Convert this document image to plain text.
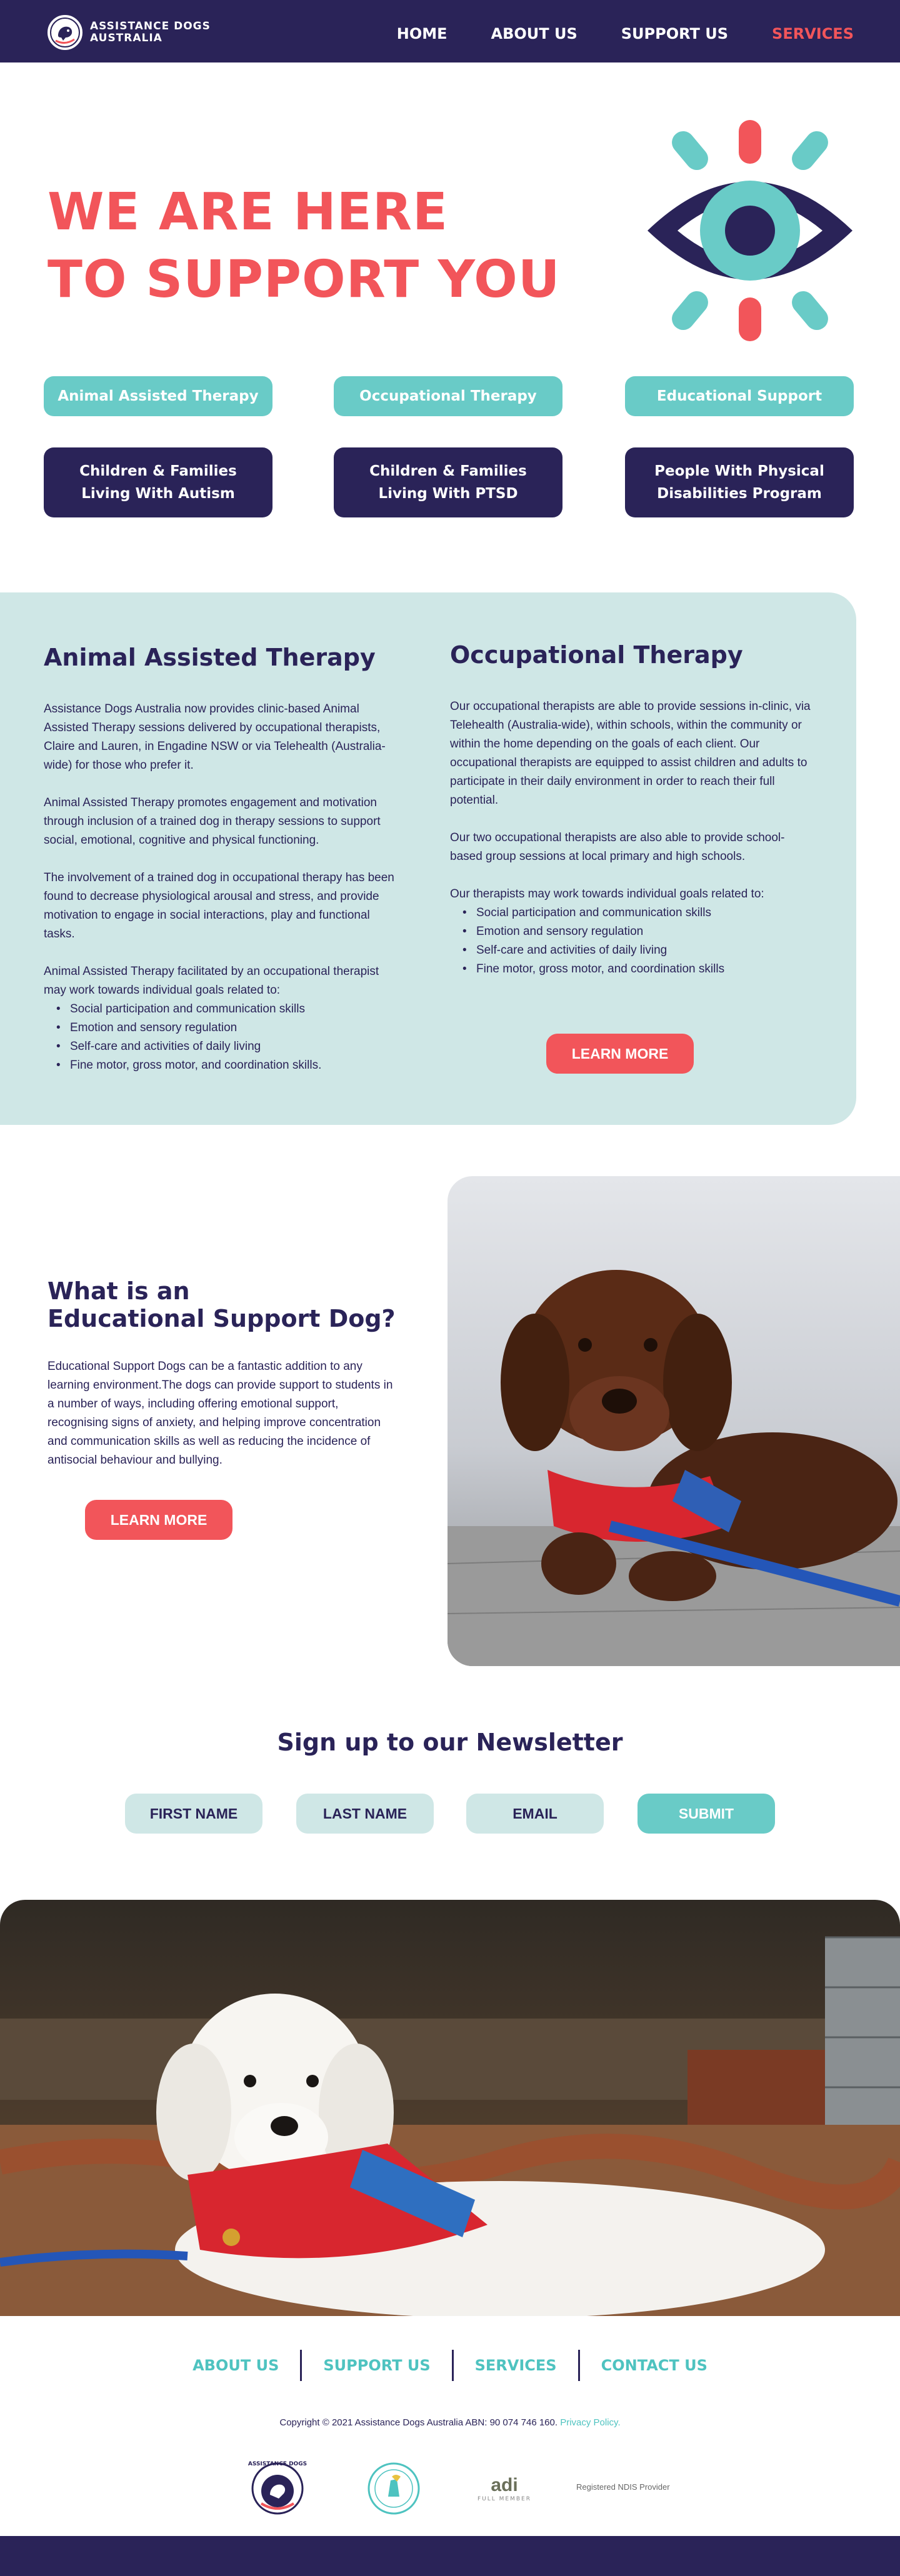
ASSISTANCE DOGS
AUSTRALIA	HOME	ABOUT US	SUPPORT US	SERVICES
WE ARE HERE
TO SUPPORT YOU
Animal Assisted Therapy	Occupational Therapy	Educational Support
Children & Families
Living With Autism
Children & Families
Living With PTSD
People With Physical
Disabilities Program
Animal Assisted Therapy

Assistance Dogs Australia now provides clinic-based Animal Assisted Therapy sessions delivered by occupational therapists, Claire and Lauren, in Engadine NSW or via Telehealth (Australia-wide) for those who prefer it.

Animal Assisted Therapy promotes engagement and motivation through inclusion of a trained dog in therapy sessions to support social, emotional, cognitive and physical functioning.

The involvement of a trained dog in occupational therapy has been found to decrease physiological arousal and stress, and provide motivation to engage in social interactions, play and functional tasks.

Animal Assisted Therapy facilitated by an occupational therapist may work towards individual goals related to:
• Social participation and communication skills
• Emotion and sensory regulation
• Self-care and activities of daily living
• Fine motor, gross motor, and coordination skills.
Occupational Therapy

Our occupational therapists are able to provide sessions in-clinic, via Telehealth (Australia-wide), within schools, within the community or within the home depending on the goals of each client. Our occupational therapists are equipped to assist children and adults to participate in their daily environment in order to reach their full potential.

Our two occupational therapists are also able to provide school-based group sessions at local primary and high schools.

Our therapists may work towards individual goals related to:
• Social participation and communication skills
• Emotion and sensory regulation
• Self-care and activities of daily living
• Fine motor, gross motor, and coordination skills
LEARN MORE
What is an
Educational Support Dog?
Educational Support Dogs can be a fantastic addition to any learning environment.The dogs can provide support to students in a number of ways, including offering emotional support, recognising signs of anxiety, and helping improve concentration and communication skills as well as reducing the incidence of antisocial behaviour and bullying.
LEARN MORE
Sign up to our Newsletter
FIRST NAME	LAST NAME	EMAIL	SUBMIT
ABOUT US	SUPPORT US	SERVICES	CONTACT US
Copyright © 2021 Assistance Dogs Australia ABN: 90 074 746 160. Privacy Policy.
ASSISTANCE DOGS
adi
FULL MEMBER
Registered NDIS Provider
